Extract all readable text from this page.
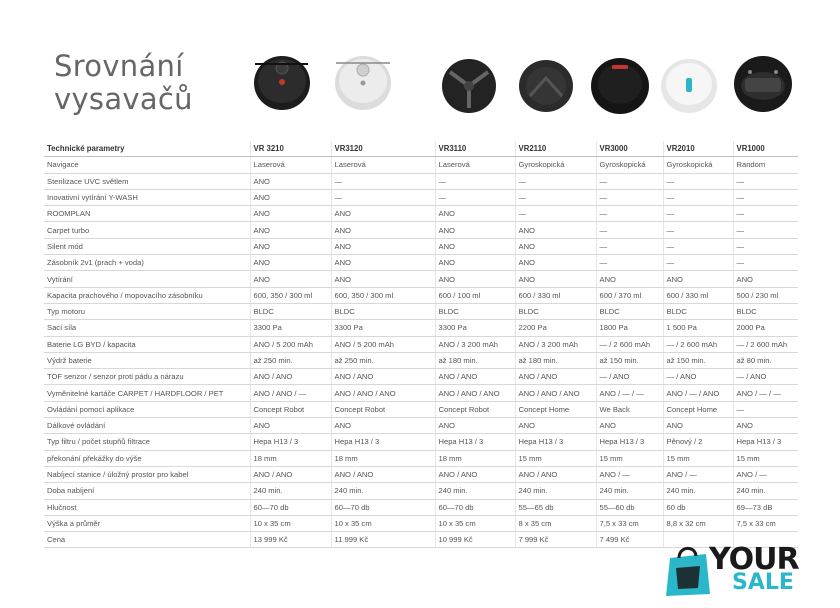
Srovnání
vysavačů
Technické parametry	VR 3210	VR3120	VR3110	VR2110	VR3000	VR2010	VR1000
Navigace	Laserová	Laserová	Laserová	Gyroskopická	Gyroskopická	Gyroskopická	Random
Sterilizace UVC světlem	ANO	—	—	—	—	—	—
Inovativní vytírání Y-WASH	ANO	—	—	—	—	—	—
ROOMPLAN	ANO	ANO	ANO	—	—	—	—
Carpet turbo	ANO	ANO	ANO	ANO	—	—	—
Silent mód	ANO	ANO	ANO	ANO	—	—	—
Zásobník 2v1 (prach + voda)	ANO	ANO	ANO	ANO	—	—	—
Vytírání	ANO	ANO	ANO	ANO	ANO	ANO	ANO
Kapacita prachového / mopovacího zásobníku	600, 350 / 300 ml	600, 350 / 300 ml	600 / 100 ml	600 / 330 ml	600 / 370 ml	600 / 330 ml	500 / 230 ml
Typ motoru	BLDC	BLDC	BLDC	BLDC	BLDC	BLDC	BLDC
Sací síla	3300 Pa	3300 Pa	3300 Pa	2200 Pa	1800 Pa	1 500 Pa	2000 Pa
Baterie LG BYD / kapacita	ANO / 5 200 mAh	ANO / 5 200 mAh	ANO / 3 200 mAh	ANO / 3 200 mAh	— / 2 600 mAh	— / 2 600 mAh	— / 2 600 mAh
Výdrž baterie	až 250 min.	až 250 min.	až 180 min.	až 180 min.	až 150 min.	až 150 min.	až 80 min.
TOF senzor / senzor proti pádu a nárazu	ANO / ANO	ANO / ANO	ANO / ANO	ANO / ANO	— / ANO	— / ANO	— / ANO
Vyměnitelné kartáče CARPET / HARDFLOOR / PET	ANO / ANO / —	ANO / ANO / ANO	ANO / ANO / ANO	ANO / ANO / ANO	ANO / — / —	ANO / — / ANO	ANO / — / —
Ovládání pomocí aplikace	Concept Robot	Concept Robot	Concept Robot	Concept Home	We Back	Concept Home	—
Dálkové ovládání	ANO	ANO	ANO	ANO	ANO	ANO	ANO
Typ filtru / počet stupňů filtrace	Hepa H13 / 3	Hepa H13 / 3	Hepa H13 / 3	Hepa H13 / 3	Hepa H13 / 3	Pěnový / 2	Hepa H13 / 3
překonání překážky do výše	18 mm	18 mm	18 mm	15 mm	15 mm	15 mm	15 mm
Nabíjecí stanice / úložný prostor pro kabel	ANO / ANO	ANO / ANO	ANO / ANO	ANO / ANO	ANO / —	ANO / —	ANO / —
Doba nabíjení	240 min.	240 min.	240 min.	240 min.	240 min.	240 min.	240 min.
Hlučnost	60—70 db	60—70 db	60—70 db	55—65 db	55—60 db	60 db	69—73 dB
Výška a průměr	10 x 35 cm	10 x 35 cm	10 x 35 cm	8 x 35 cm	7,5 x 33 cm	8,8 x 32 cm	7,5 x 33 cm
Cena	13 999 Kč	11 999 Kč	10 999 Kč	7 999 Kč	7 499 Kč		
YOUR
SALE
